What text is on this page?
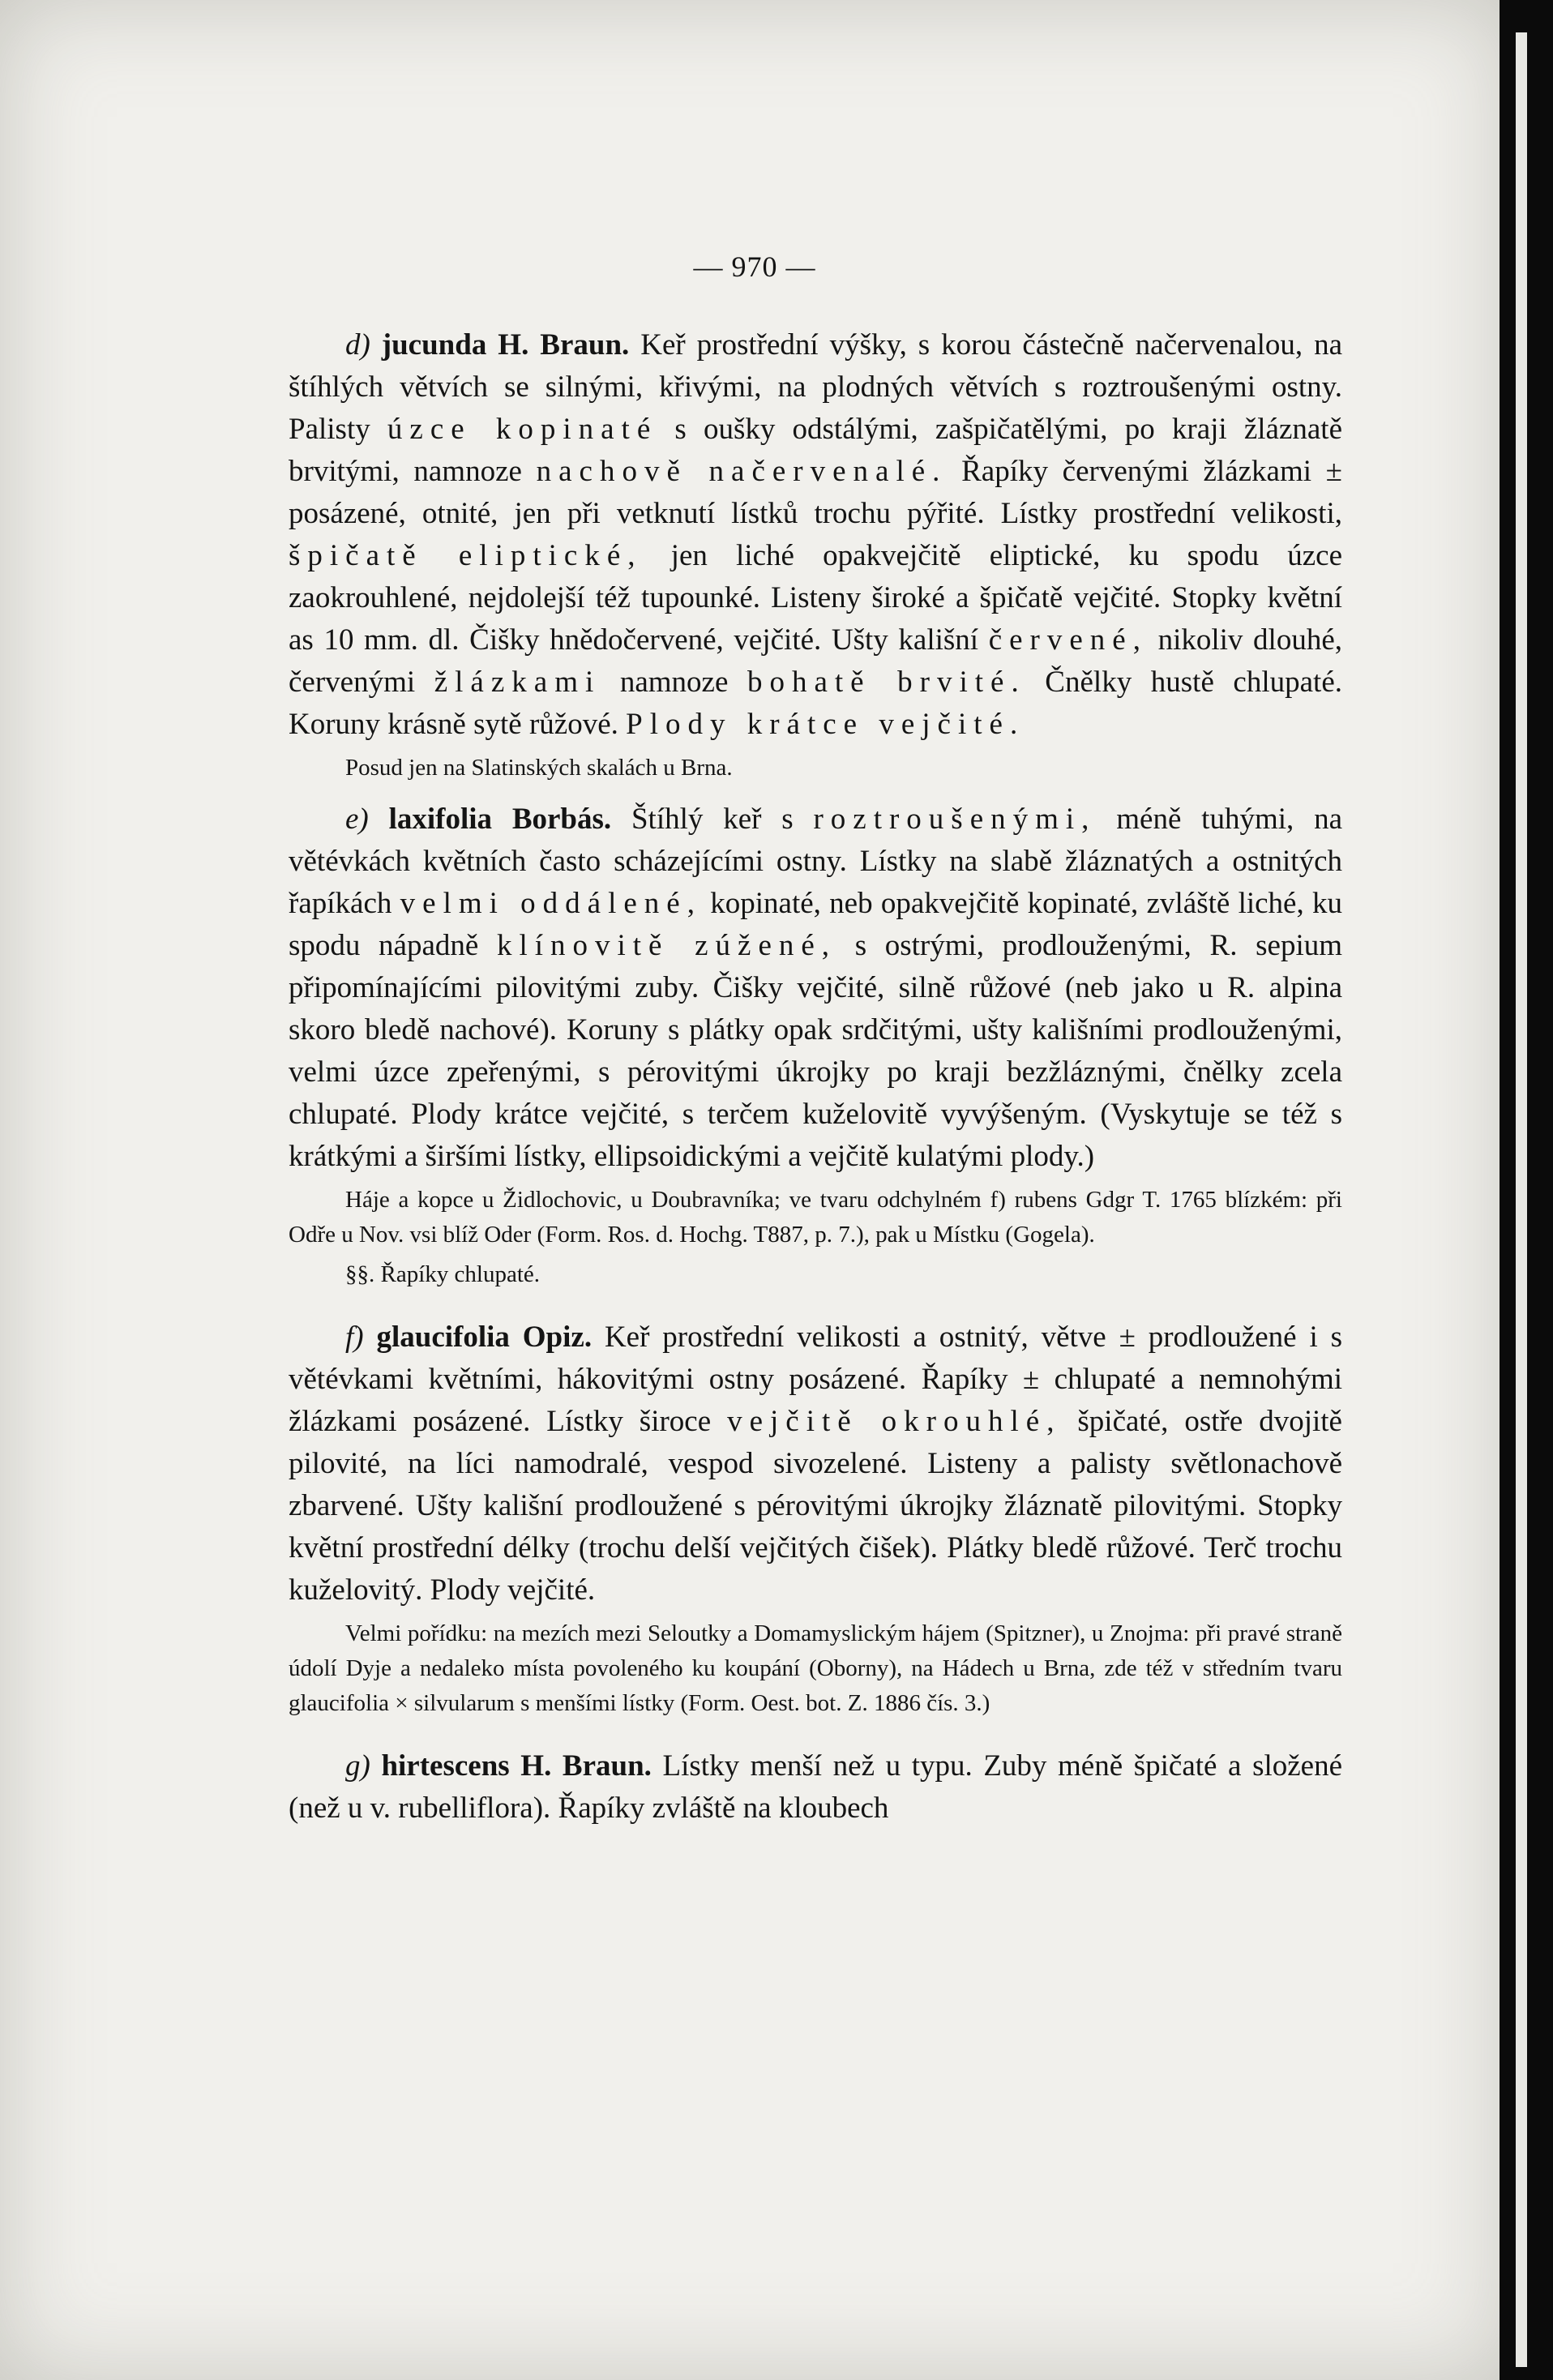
— 970 —

d) jucunda H. Braun. Keř prostřední výšky, s korou částečně načervenalou, na štíhlých větvích se silnými, křivými, na plodných větvích s roztroušenými ostny. Palisty úzce kopinaté s oušky odstálými, zašpičatělými, po kraji žláznatě brvitými, namnoze nachově načervenalé. Řapíky červenými žlázkami ± posázené, otnité, jen při vetknutí lístků trochu pýřité. Lístky prostřední velikosti, špičatě eliptické, jen liché opakvejčitě eliptické, ku spodu úzce zaokrouhlené, nejdolejší též tupounké. Listeny široké a špičatě vejčité. Stopky květní as 10 mm. dl. Čišky hnědočervené, vejčité. Ušty kališní červené, nikoliv dlouhé, červenými žlázkami namnoze bohatě brvité. Čnělky hustě chlupaté. Koruny krásně sytě růžové. Plody krátce vejčité.

Posud jen na Slatinských skalách u Brna.

e) laxifolia Borbás. Štíhlý keř s roztroušenými, méně tuhými, na větévkách květních často scházejícími ostny. Lístky na slabě žláznatých a ostnitých řapíkách velmi oddálené, kopinaté, neb opakvejčitě kopinaté, zvláště liché, ku spodu nápadně klínovitě zúžené, s ostrými, prodlouženými, R. sepium připomínajícími pilovitými zuby. Čišky vejčité, silně růžové (neb jako u R. alpina skoro bledě nachové). Koruny s plátky opak srdčitými, ušty kališními prodlouženými, velmi úzce zpeřenými, s pérovitými úkrojky po kraji bezžláznými, čnělky zcela chlupaté. Plody krátce vejčité, s terčem kuželovitě vyvýšeným. (Vyskytuje se též s krátkými a širšími lístky, ellipsoidickými a vejčitě kulatými plody.)

Háje a kopce u Židlochovic, u Doubravníka; ve tvaru odchylném f) rubens Gdgr T. 1765 blízkém: při Odře u Nov. vsi blíž Oder (Form. Ros. d. Hochg. T887, p. 7.), pak u Místku (Gogela).

§§. Řapíky chlupaté.

f) glaucifolia Opiz. Keř prostřední velikosti a ostnitý, větve ± prodloužené i s větévkami květními, hákovitými ostny posázené. Řapíky ± chlupaté a nemnohými žlázkami posázené. Lístky široce vejčitě okrouhlé, špičaté, ostře dvojitě pilovité, na líci namodralé, vespod sivozelené. Listeny a palisty světlonachově zbarvené. Ušty kališní prodloužené s pérovitými úkrojky žláznatě pilovitými. Stopky květní prostřední délky (trochu delší vejčitých čišek). Plátky bledě růžové. Terč trochu kuželovitý. Plody vejčité.

Velmi pořídku: na mezích mezi Seloutky a Domamyslickým hájem (Spitzner), u Znojma: při pravé straně údolí Dyje a nedaleko místa povoleného ku koupání (Oborny), na Hádech u Brna, zde též v středním tvaru glaucifolia × silvularum s menšími lístky (Form. Oest. bot. Z. 1886 čís. 3.)

g) hirtescens H. Braun. Lístky menší než u typu. Zuby méně špičaté a složené (než u v. rubelliflora). Řapíky zvláště na kloubech
